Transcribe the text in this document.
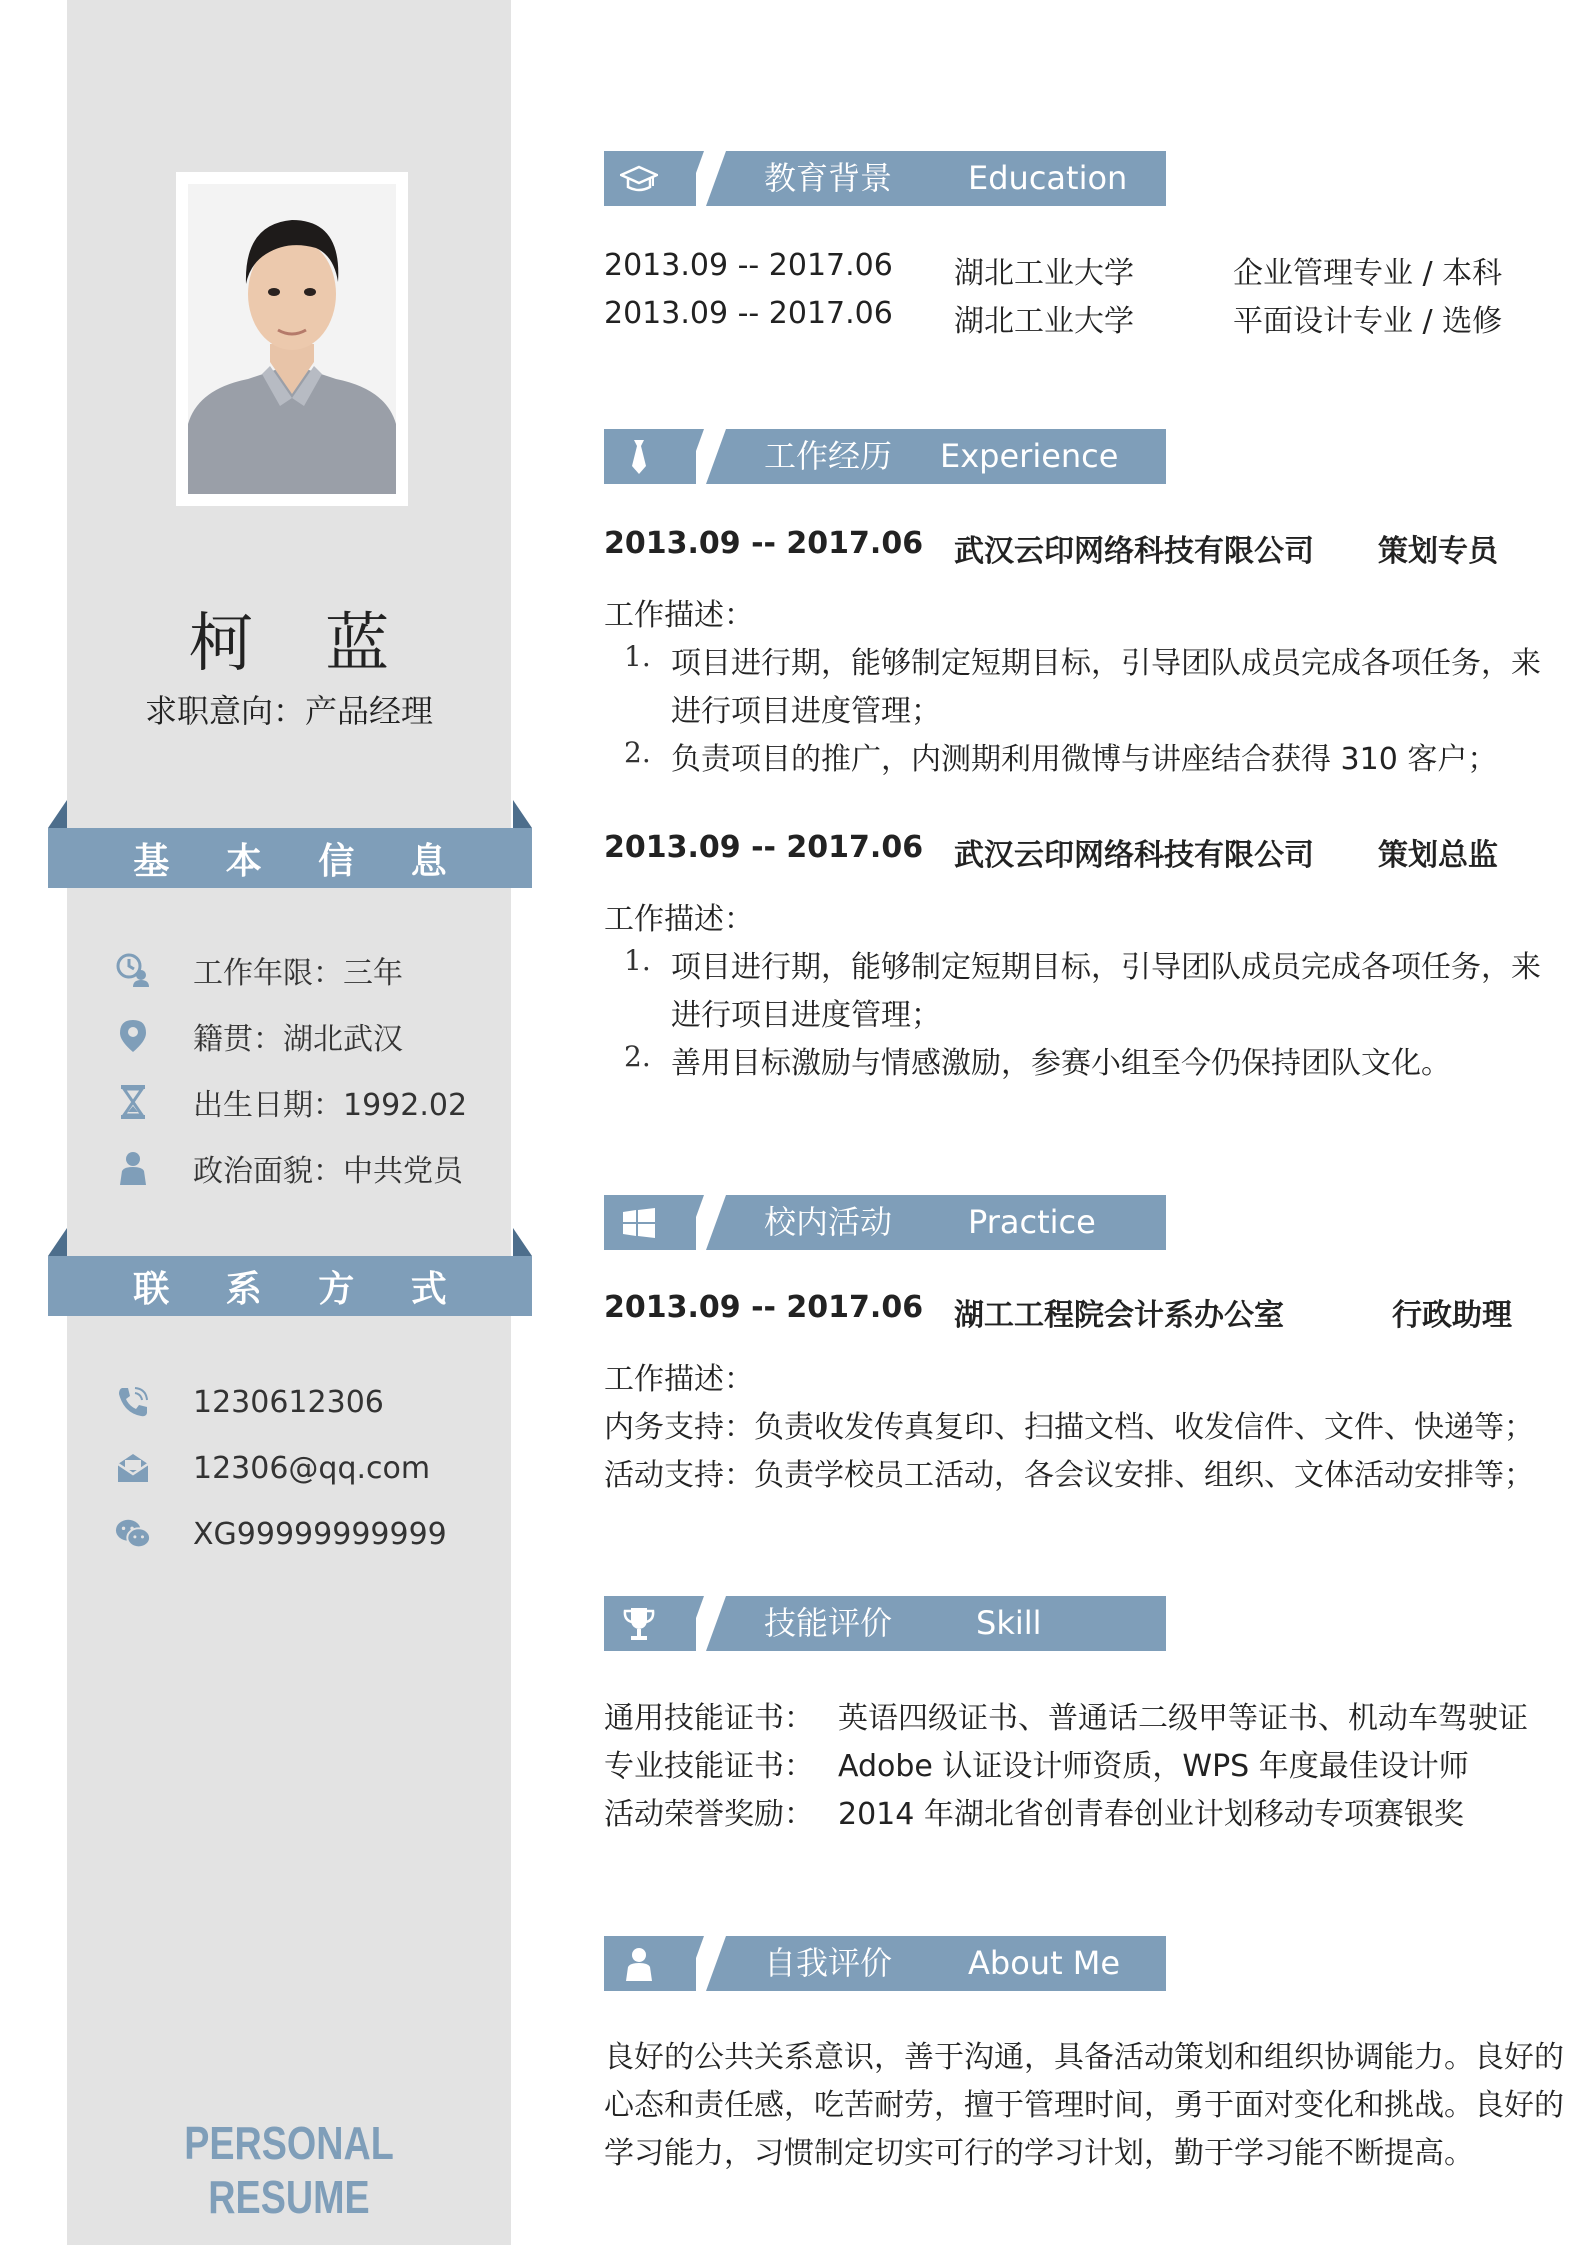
柯 蓝
求职意向：产品经理
基 本 信 息
工作年限：三年
籍贯：湖北武汉
出生日期：1992.02
政治面貌：中共党员
联 系 方 式
1230612306
12306@qq.com
XG99999999999
PERSONAL RESUME
教育背景 Education
2013.09 -- 2017.06 湖北工业大学	企业管理专业 / 本科
2013.09 -- 2017.06 湖北工业大学	平面设计专业 / 选修
工作经历 Experience
2013.09 -- 2017.06 武汉云印网络科技有限公司 策划专员
工作描述：
1. 项目进行期，能够制定短期目标，引导团队成员完成各项任务，来
进行项目进度管理；
2. 负责项目的推广，内测期利用微博与讲座结合获得 310 客户；
2013.09 -- 2017.06 武汉云印网络科技有限公司 策划总监
工作描述：
1. 项目进行期，能够制定短期目标，引导团队成员完成各项任务，来
进行项目进度管理；
2. 善用目标激励与情感激励，参赛小组至今仍保持团队文化。
校内活动 Practice
2013.09 -- 2017.06 湖工工程院会计系办公室	行政助理
工作描述：
内务支持：负责收发传真复印、扫描文档、收发信件、文件、快递等；
活动支持：负责学校员工活动，各会议安排、组织、文体活动安排等；
技能评价	Skill
通用技能证书： 英语四级证书、普通话二级甲等证书、机动车驾驶证
专业技能证书： Adobe 认证设计师资质，WPS 年度最佳设计师
活动荣誉奖励： 2014 年湖北省创青春创业计划移动专项赛银奖
自我评价 About Me
良好的公共关系意识，善于沟通，具备活动策划和组织协调能力。良好的
心态和责任感，吃苦耐劳，擅于管理时间，勇于面对变化和挑战。良好的
学习能力，习惯制定切实可行的学习计划，勤于学习能不断提高。
